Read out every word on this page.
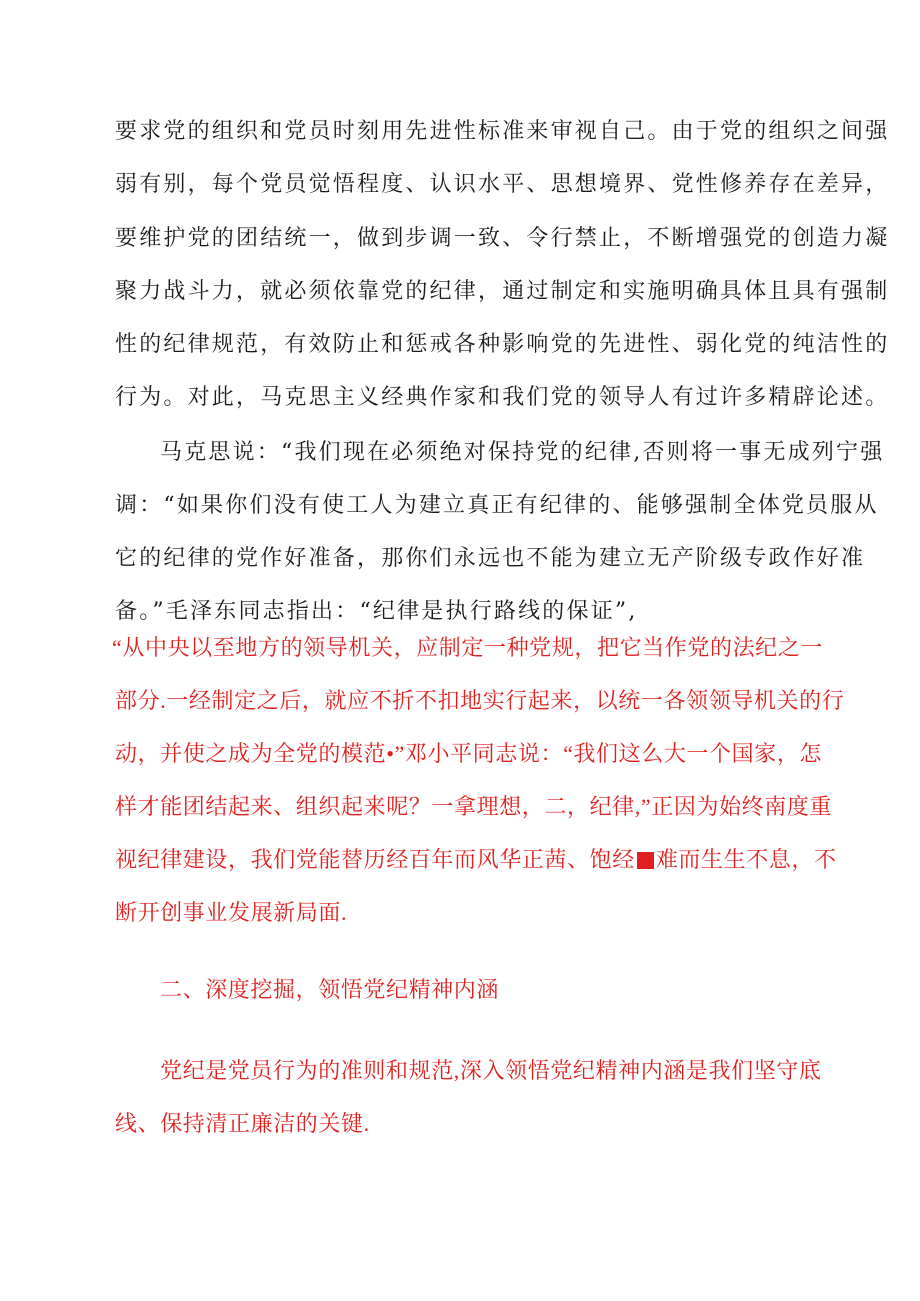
要求党的组织和党员时刻用先进性标准来审视自己。由于党的组织之间强
弱有别，每个党员觉悟程度、认识水平、思想境界、党性修养存在差异，
要维护党的团结统一，做到步调一致、令行禁止，不断增强党的创造力凝
聚力战斗力，就必须依靠党的纪律，通过制定和实施明确具体且具有强制
性的纪律规范，有效防止和惩戒各种影响党的先进性、弱化党的纯洁性的
行为。对此，马克思主义经典作家和我们党的领导人有过许多精辟论述。
马克思说：“我们现在必须绝对保持党的纪律,否则将一事无成列宁强
调：“如果你们没有使工人为建立真正有纪律的、能够强制全体党员服从
它的纪律的党作好准备，那你们永远也不能为建立无产阶级专政作好准
备。”毛泽东同志指出：“纪律是执行路线的保证”,
“从中央以至地方的领导机关，应制定一种党规，把它当作党的法纪之一
部分.一经制定之后，就应不折不扣地实行起来，以统一各领领导机关的行
动，并使之成为全党的模范•”邓小平同志说：“我们这么大一个国家，怎
样才能团结起来、组织起来呢？一拿理想，二，纪律,”正因为始终南度重
视纪律建设，我们党能替历经百年而风华正茜、饱经 难而生生不息，不
断开创事业发展新局面.
二、深度挖掘，领悟党纪精神内涵
党纪是党员行为的准则和规范,深入领悟党纪精神内涵是我们坚守底
线、保持清正廉洁的关键.
